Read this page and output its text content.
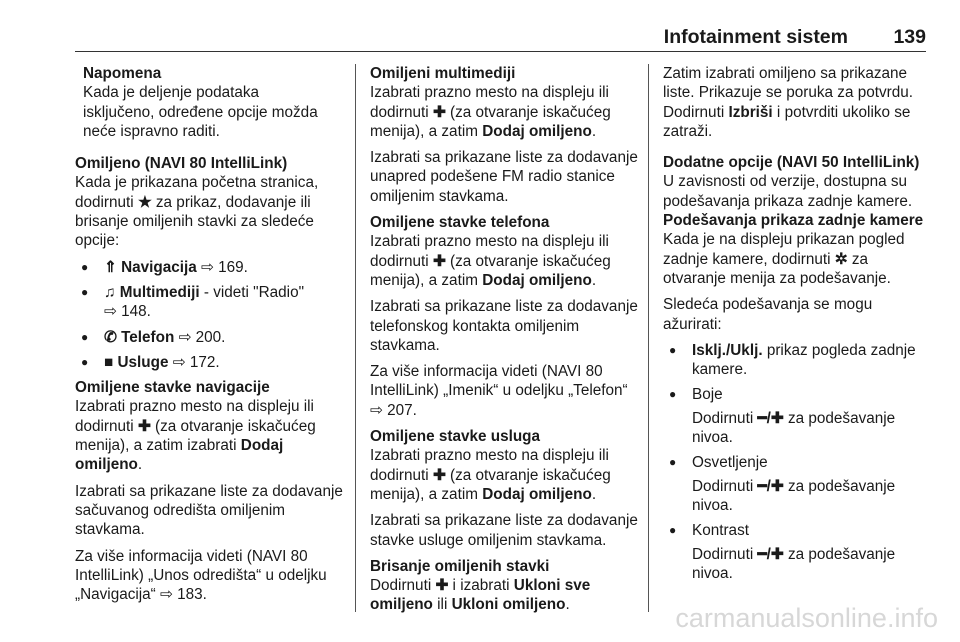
Infotainment sistem 139
Napomena
Kada je deljenje podataka
isključeno, određene opcije možda
neće ispravno raditi.
Omiljeno (NAVI 80 IntelliLink)

Kada je prikazana početna stranica, dodirnuti ★ za prikaz, dodavanje ili brisanje omiljenih stavki za sledeće opcije:

● ⇑ Navigacija ⇨ 169.
● ♫ Multimediji - videti "Radio"
⇨ 148.
● ✆ Telefon ⇨ 200.
● ■ Usluge ⇨ 172.
Omiljene stavke navigacije

Izabrati prazno mesto na displeju ili dodirnuti ✚ (za otvaranje iskačućeg menija), a zatim izabrati Dodaj omiljeno.

Izabrati sa prikazane liste za dodavanje sačuvanog odredišta omiljenim stavkama.

Za više informacija videti (NAVI 80 IntelliLink) „Unos odredišta“ u odeljku „Navigacija“ ⇨ 183.

Omiljeni multimediji

Izabrati prazno mesto na displeju ili dodirnuti ✚ (za otvaranje iskačućeg menija), a zatim Dodaj omiljeno.

Izabrati sa prikazane liste za dodavanje unapred podešene FM radio stanice omiljenim stavkama.

Omiljene stavke telefona

Izabrati prazno mesto na displeju ili dodirnuti ✚ (za otvaranje iskačućeg menija), a zatim Dodaj omiljeno.

Izabrati sa prikazane liste za dodavanje telefonskog kontakta omiljenim stavkama.

Za više informacija videti (NAVI 80 IntelliLink) „Imenik“ u odeljku „Telefon“ ⇨ 207.

Omiljene stavke usluga

Izabrati prazno mesto na displeju ili dodirnuti ✚ (za otvaranje iskačućeg menija), a zatim Dodaj omiljeno.

Izabrati sa prikazane liste za dodavanje stavke usluge omiljenim stavkama.

Brisanje omiljenih stavki

Dodirnuti ✚ i izabrati Ukloni sve omiljeno ili Ukloni omiljeno.

Zatim izabrati omiljeno sa prikazane liste. Prikazuje se poruka za potvrdu. Dodirnuti Izbriši i potvrditi ukoliko se zatraži.

Dodatne opcije (NAVI 50 IntelliLink)

U zavisnosti od verzije, dostupna su podešavanja prikaza zadnje kamere.

Podešavanja prikaza zadnje kamere

Kada je na displeju prikazan pogled zadnje kamere, dodirnuti ✲ za otvaranje menija za podešavanje.

Sledeća podešavanja se mogu ažurirati:

● Isklj./Uklj. prikaz pogleda zadnje kamere.
● Boje
Dodirnuti ━/✚ za podešavanje nivoa.
● Osvetljenje
Dodirnuti ━/✚ za podešavanje nivoa.
● Kontrast
Dodirnuti ━/✚ za podešavanje nivoa.
carmanualsonline.info
